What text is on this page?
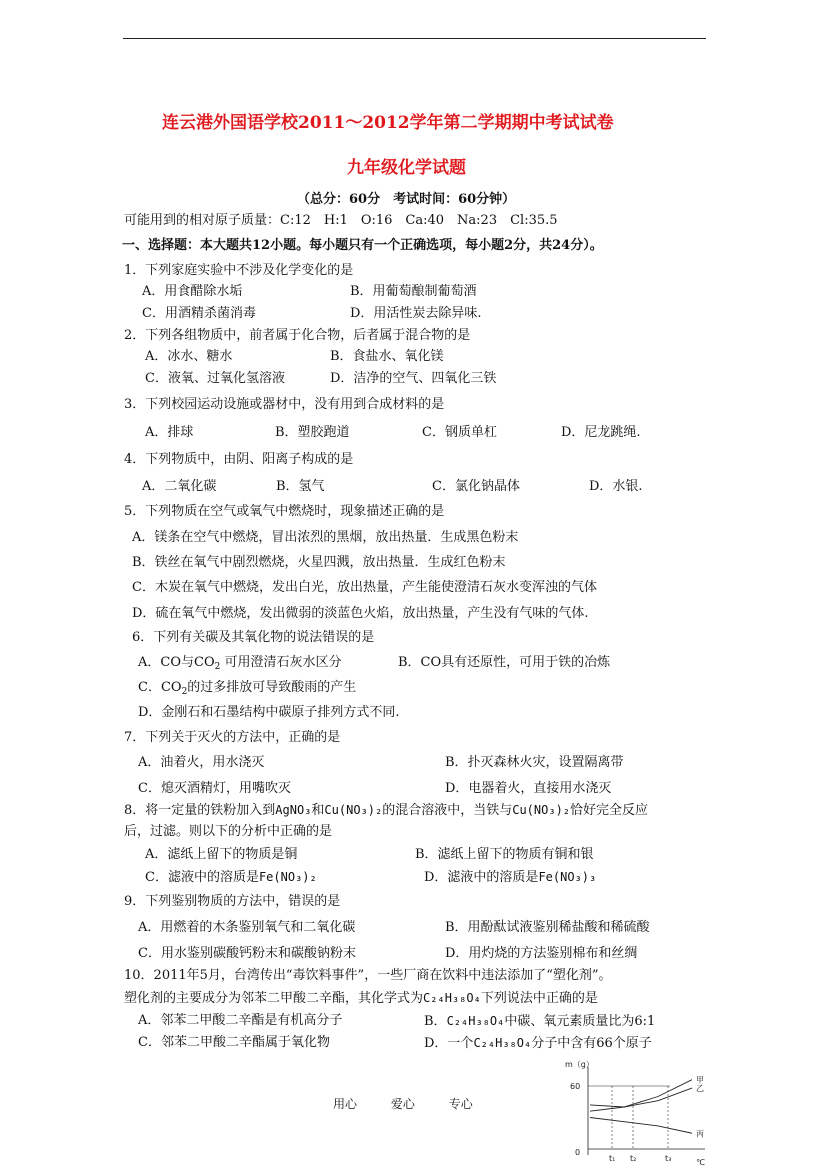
连云港外国语学校2011～2012学年第二学期期中考试试卷
九年级化学试题
（总分：60分　考试时间：60分钟）
可能用到的相对原子质量：C:12　H:1　O:16　Ca:40　Na:23　Cl:35.5
一、选择题：本大题共12小题。每小题只有一个正确选项，每小题2分，共24分）。
1．下列家庭实验中不涉及化学变化的是
A．用食醋除水垢	B．用葡萄酿制葡萄酒
C．用酒精杀菌消毒	D．用活性炭去除异味.
2．下列各组物质中，前者属于化合物，后者属于混合物的是
A．冰水、糖水	B．食盐水、氧化镁
C．液氧、过氧化氢溶液	D．洁净的空气、四氧化三铁
3．下列校园运动设施或器材中，没有用到合成材料的是
A．排球	B．塑胶跑道	C．钢质单杠	D．尼龙跳绳.
4．下列物质中，由阴、阳离子构成的是
A．二氧化碳	B．氢气	C．氯化钠晶体	D．水银.
5．下列物质在空气或氧气中燃烧时，现象描述正确的是
A．镁条在空气中燃烧，冒出浓烈的黑烟，放出热量．生成黑色粉末
B．铁丝在氧气中剧烈燃烧，火星四溅，放出热量．生成红色粉末
C．木炭在氧气中燃烧，发出白光，放出热量，产生能使澄清石灰水变浑浊的气体
D．硫在氧气中燃烧，发出微弱的淡蓝色火焰，放出热量，产生没有气味的气体.
6．下列有关碳及其氧化物的说法错误的是
A．CO与$CO_2$ 可用澄清石灰水区分	B．CO具有还原性，可用于铁的冶炼
C．$CO_2$的过多排放可导致酸雨的产生
D．金刚石和石墨结构中碳原子排列方式不同.
7．下列关于灭火的方法中，正确的是
A．油着火，用水浇灭	B．扑灭森林火灾，设置隔离带
C．熄灭酒精灯，用嘴吹灭	D．电器着火，直接用水浇灭
8．将一定量的铁粉加入到AgNO₃和Cu(NO₃)₂的混合溶液中，当铁与Cu(NO₃)₂恰好完全反应
后，过滤。则以下的分析中正确的是
A．滤纸上留下的物质是铜	B．滤纸上留下的物质有铜和银
C．滤液中的溶质是Fe(NO₃)₂	D．滤液中的溶质是Fe(NO₃)₃
9．下列鉴别物质的方法中，错误的是
A．用燃着的木条鉴别氧气和二氧化碳	B．用酚酞试液鉴别稀盐酸和稀硫酸
C．用水鉴别碳酸钙粉末和碳酸钠粉末	D．用灼烧的方法鉴别棉布和丝绸
10．2011年5月，台湾传出“毒饮料事件”，一些厂商在饮料中违法添加了“塑化剂”。
塑化剂的主要成分为邻苯二甲酸二辛酯，其化学式为C₂₄H₃₈O₄下列说法中正确的是
A．邻苯二甲酸二辛酯是有机高分子	B．C₂₄H₃₈O₄中碳、氧元素质量比为6:1
C．邻苯二甲酸二辛酯属于氧化物	D．一个C₂₄H₃₈O₄分子中含有66个原子
用心	爱心	专心
m（g）
℃
0
60
甲
乙
丙
t₁ t₂	t₃
